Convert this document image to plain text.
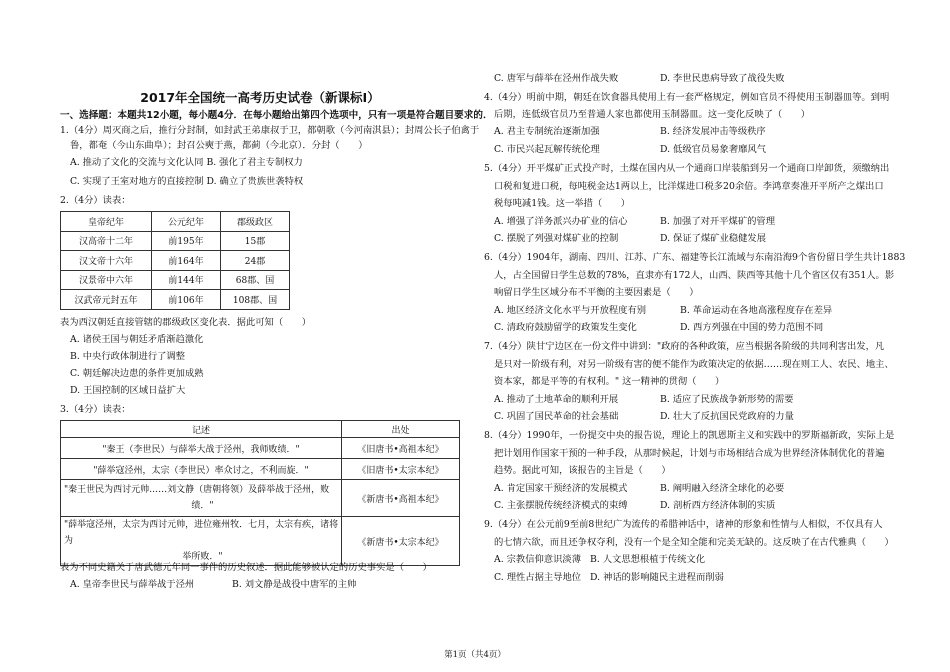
2017年全国统一高考历史试卷（新课标Ⅰ）
一、选择题：本题共12小题，每小题4分．在每小题给出第四个选项中，只有一项是符合题目要求的．
1.（4分）周灭商之后，推行分封制，如封武王弟康叔于卫，都朝歌（今河南淇县）；封周公长子伯禽于
鲁，都奄（今山东曲阜）；封召公奭于燕，都蓟（今北京）．分封（　　）
A. 推动了文化的交流与文化认同 B. 强化了君主专制权力
C. 实现了王室对地方的直接控制 D. 确立了贵族世袭特权
2.（4分）读表：
皇帝纪年	公元纪年	郡级政区
汉高帝十二年	前195年	15郡
汉文帝十六年	前164年	24郡
汉景帝中六年	前144年	68郡、国
汉武帝元封五年	前106年	108郡、国
表为西汉朝廷直接管辖的郡级政区变化表．据此可知（　　）
A. 诸侯王国与朝廷矛盾渐趋激化
B. 中央行政体制进行了调整
C. 朝廷解决边患的条件更加成熟
D. 王国控制的区域日益扩大
3.（4分）读表：
记述	出处
"秦王（李世民）与薛举大战于泾州，我师败绩．"	《旧唐书•高祖本纪》
"薛举寇泾州，太宗（李世民）率众讨之，不利而旋．"	《旧唐书•太宗本纪》
"秦王世民为西讨元帅……刘文静（唐朝将领）及薛举战于泾州，败

绩．"	《新唐书•高祖本纪》
"薛举寇泾州，太宗为西讨元帅，进位雍州牧．七月，太宗有疾，诸将为

举所败．"	《新唐书•太宗本纪》
表为不同史籍关于唐武德元年同一事件的历史叙述．据此能够被认定的历史事实是（　　）
A. 皇帝李世民与薛举战于泾州	B. 刘文静是战役中唐军的主帅
C. 唐军与薛举在泾州作战失败	D. 李世民患病导致了战役失败
4.（4分）明前中期，朝廷在饮食器具使用上有一套严格规定，例如官员不得使用玉制器皿等。到明
后期，连低级官员乃至普通人家也都使用玉制器皿。这一变化反映了（　　）
A. 君主专制统治逐渐加强	B. 经济发展冲击等级秩序
C. 市民兴起瓦解传统伦理	D. 低级官员易象奢靡风气
5.（4分）开平煤矿正式投产时，土煤在国内从一个通商口岸装船到另一个通商口岸卸货，须缴纳出
口税和复进口税，每吨税金达1两以上，比洋煤进口税多20余倍。李鸿章奏准开平所产之煤出口
税每吨减1钱。这一举措（　　）
A. 增强了洋务派兴办矿业的信心	B. 加强了对开平煤矿的管理
C. 摆脱了列强对煤矿业的控制	D. 保证了煤矿业稳健发展
6.（4分）1904年，湖南、四川、江苏、广东、福建等长江流域与东南沿海9个省份留日学生共计1883
人，占全国留日学生总数的78%，直隶亦有172人，山西、陕西等其他十几个省区仅有351人。影
响留日学生区域分布不平衡的主要因素是（　　）
A. 地区经济文化水平与开放程度有别	B. 革命运动在各地高涨程度存在差异
C. 清政府鼓励留学的政策发生变化	D. 西方列强在中国的势力范围不同
7.（4分）陕甘宁边区在一份文件中讲到："政府的各种政策，应当根据各阶级的共同利害出发，凡
是只对一阶级有利，对另一阶级有害的便不能作为政策决定的依据……现在则工人、农民、地主、
资本家，都是平等的有权利。" 这一精神的贯彻（　　）
A. 推动了土地革命的顺利开展	B. 适应了民族战争新形势的需要
C. 巩固了国民革命的社会基础	D. 壮大了反抗国民党政府的力量
8.（4分）1990年，一份提交中央的报告说，理论上的凯恩斯主义和实践中的罗斯福新政，实际上是
把计划用作国家干预的一种手段，从那时候起，计划与市场相结合成为世界经济体制优化的普遍
趋势。据此可知，该报告的主旨是（　　）
A. 肯定国家干预经济的发展模式	B. 阐明融入经济全球化的必要
C. 主张摆脱传统经济模式的束缚	D. 剖析西方经济体制的实质
9.（4分）在公元前9至前8世纪广为流传的希腊神话中，诸神的形象和性情与人相似，不仅具有人
的七情六欲，而且还争权夺利，没有一个是全知全能和完美无缺的。这反映了在古代雅典（　　）
A. 宗教信仰意识淡薄 B. 人文思想根植于传统文化
C. 理性占据主导地位 D. 神话的影响随民主进程而削弱
第1页（共4页）
